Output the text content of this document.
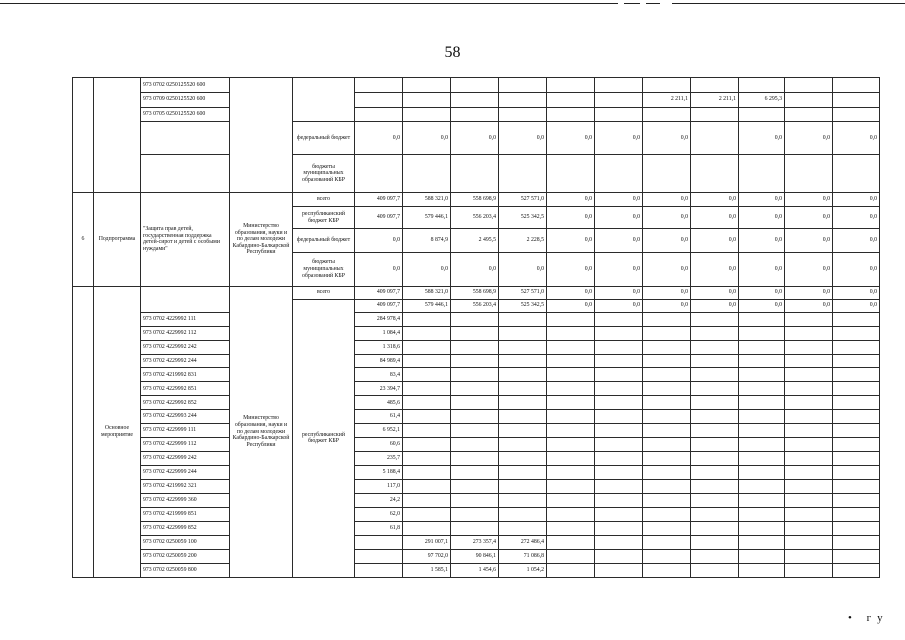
58
		973 0702 0250125520 600													
		973 0709 0250125520 600									2 211,1	2 211,1	6 295,3		
		973 0705 0250125520 600													
				федеральный бюджет	0,0	0,0	0,0	0,0	0,0	0,0	0,0		0,0	0,0	0,0
				бюджеты муниципальных образований КБР											
6	Подпрограмма	"Защита прав детей, государственная поддержка детей-сирот и детей с особыми нуждами"	Министерство образования, науки и по делам молодежи Кабардино-Балкарской Республики	всего	409 097,7	588 321,0	558 698,9	527 571,0	0,0	0,0	0,0	0,0	0,0	0,0	0,0
				республиканский бюджет КБР	409 097,7	579 446,1	556 203,4	525 342,5	0,0	0,0	0,0	0,0	0,0	0,0	0,0
				федеральный бюджет	0,0	8 874,9	2 495,5	2 228,5	0,0	0,0	0,0	0,0	0,0	0,0	0,0
				бюджеты муниципальных образований КБР	0,0	0,0	0,0	0,0	0,0	0,0	0,0	0,0	0,0	0,0	0,0
	Основное мероприятие		Министерство образования, науки и по делам молодежи Кабардино-Балкарской Республики	всего	409 097,7	588 321,0	558 698,9	527 571,0	0,0	0,0	0,0	0,0	0,0	0,0	0,0
				республиканский бюджет КБР	409 097,7	579 446,1	556 203,4	525 342,5	0,0	0,0	0,0	0,0	0,0	0,0	0,0
		973 0702 4229992 111			284 978,4										
		973 0702 4229992 112			1 084,4										
		973 0702 4229992 242			1 318,6										
		973 0702 4229992 244			84 989,4										
		973 0702 4219992 831			83,4										
		973 0702 4229992 851			23 394,7										
		973 0702 4229992 852			485,6										
		973 0702 4229993 244			61,4										
		973 0702 4229999 111			6 952,1										
		973 0702 4229999 112			60,6										
		973 0702 4229999 242			235,7										
		973 0702 4229999 244			5 188,4										
		973 0702 4219992 321			117,0										
		973 0702 4229999 360			24,2										
		973 0702 4219999 851			62,0										
		973 0702 4229999 852			61,8										
		973 0702 0250059 100				291 007,1	273 357,4	272 486,4							
		973 0702 0250059 200				97 702,0	90 846,1	71 086,8							
		973 0702 0250059 800				1 585,1	1 454,6	1 054,2							
• гу
